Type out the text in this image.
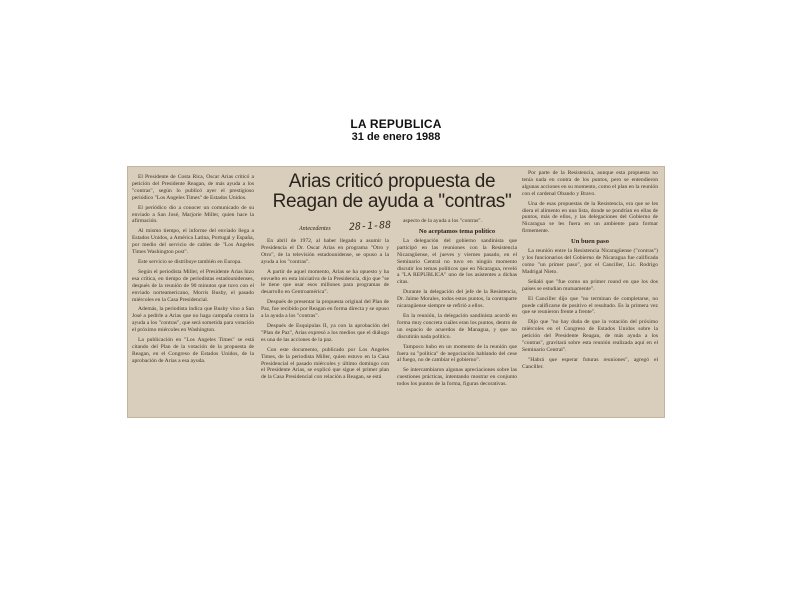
LA REPUBLICA
31 de enero 1988

El Presidente de Costa Rica, Oscar Arias criticó a petición del Presidente Reagan, de más ayuda a los "contras", según lo publicó ayer el prestigioso periódico "Los Angeles Times" de Estados Unidos.

El periódico dio a conocer un comunicado de su enviado a San José, Marjorie Miller, quien hace la afirmación.

Al mismo tiempo, el informe del enviado llega a Estados Unidos, a América Latina, Portugal y España, por medio del servicio de cables de "Los Angeles Times Washington post".

Este servicio se distribuye también en Europa.

Según el periodista Miller, el Presidente Arias hizo esa crítica, en tiempo de periodistas estadounidenses, después de la reunión de 90 minutos que tuvo con el enviado norteamericano, Morris Busby, el pasado miércoles en la Casa Presidencial.

Además, la periodista indica que Busby vino a San José a pedirle a Arias que no haga campaña contra la ayuda a los "contras", que será sometida para votación el próximo miércoles en Washington.

La publicación en "Los Angeles Times" se está citando del Plan de la votación de la propuesta de Reagan, en el Congreso de Estados Unidos, de la aprobación de Arias a esa ayuda.

Arias criticó propuesta de Reagan de ayuda a "contras"
Antecedentes 28-1-88

En abril de 1972, al haber llegado a asumir la Presidencia el Dr. Oscar Arias en programa "Otro y Otro", de la televisión estadounidense, se opuso a la ayuda a los "contras".

A partir de aquel momento, Arias se ha opuesto y ha envuelto en esta iniciativa de la Presidencia, dijo que "se le tiene que usar esos millones para programas de desarrollo en Centroamérica".

Después de presentar la propuesta original del Plan de Paz, fue recibido por Reagan en forma directa y se opuso a la ayuda a los "contras".

Después de Esquipulas II, ya con la aprobación del "Plan de Paz", Arias expresó a los medios que el diálogo es una de las acciones de la paz.

Con este documento, publicado por Los Angeles Times, de la periodista Miller, quien estuvo en la Casa Presidencial el pasado miércoles y último domingo con el Presidente Arias, se explicó que sigue el primer plan de la Casa Presidencial con relación a Reagan, se está

aspecto de la ayuda a los "contras".

No aceptamos tema político

La delegación del gobierno sandinista que participó en las reuniones con la Resistencia Nicaragüense, el jueves y viernes pasado, en el Seminario Central no tuvo en ningún momento discutir los temas políticos que en Nicaragua, reveló a "LA REPUBLICA" uno de los asistentes a dichas citas.

Durante la delegación del jefe de la Resistencia, Dr. Jaime Morales, todos estos puntos, la contraparte nicaragüense siempre se refirió a ellos.

En la reunión, la delegación sandinista acordó en forma muy concreta cuáles eran los puntos, dentro de un espacio de acuerdos de Managua, y que no discutirán nada político.

Tampoco hubo en un momento de la reunión que fuera su "política" de negociación hablando del cese al fuego, no de cambiar el gobierno".

Se intercambiaron algunas apreciaciones sobre las cuestiones prácticas, intentando mostrar en conjunto todos los puntos de la forma, figuras decorativas.

Por parte de la Resistencia, aunque esta propuesta no tenía nada en contra de los puntos, pero se entendieron algunas acciones en su momento, como el plan en la reunión con el cardenal Obando y Bravo.

Una de esas propuestas de la Resistencia, era que se les diera el alimento en una lista, donde se pondrían en ellas de puntos, más de ellos, y las delegaciones del Gobierno de Nicaragua se les fuera en un ambiente para formar firmemente.

Un buen paso

La reunión entre la Resistencia Nicaragüense ("contras") y los funcionarios del Gobierno de Nicaragua fue calificada como "un primer paso", por el Canciller, Lic. Rodrigo Madrigal Nieto.

Señaló que "fue como un primer round en que los dos países se estudian mutuamente".

El Canciller dijo que "no terminan de completarse, no puede calificarse de positivo el resultado. Es la primera vez que se reunieron frente a frente".

Dijo que "no hay duda de que la votación del próximo miércoles en el Congreso de Estados Unidos sobre la petición del Presidente Reagan, de más ayuda a los "contras", gravitará sobre esta reunión realizada aquí en el Seminario Central".

"Habrá que esperar futuras reuniones", agregó el Canciller.
